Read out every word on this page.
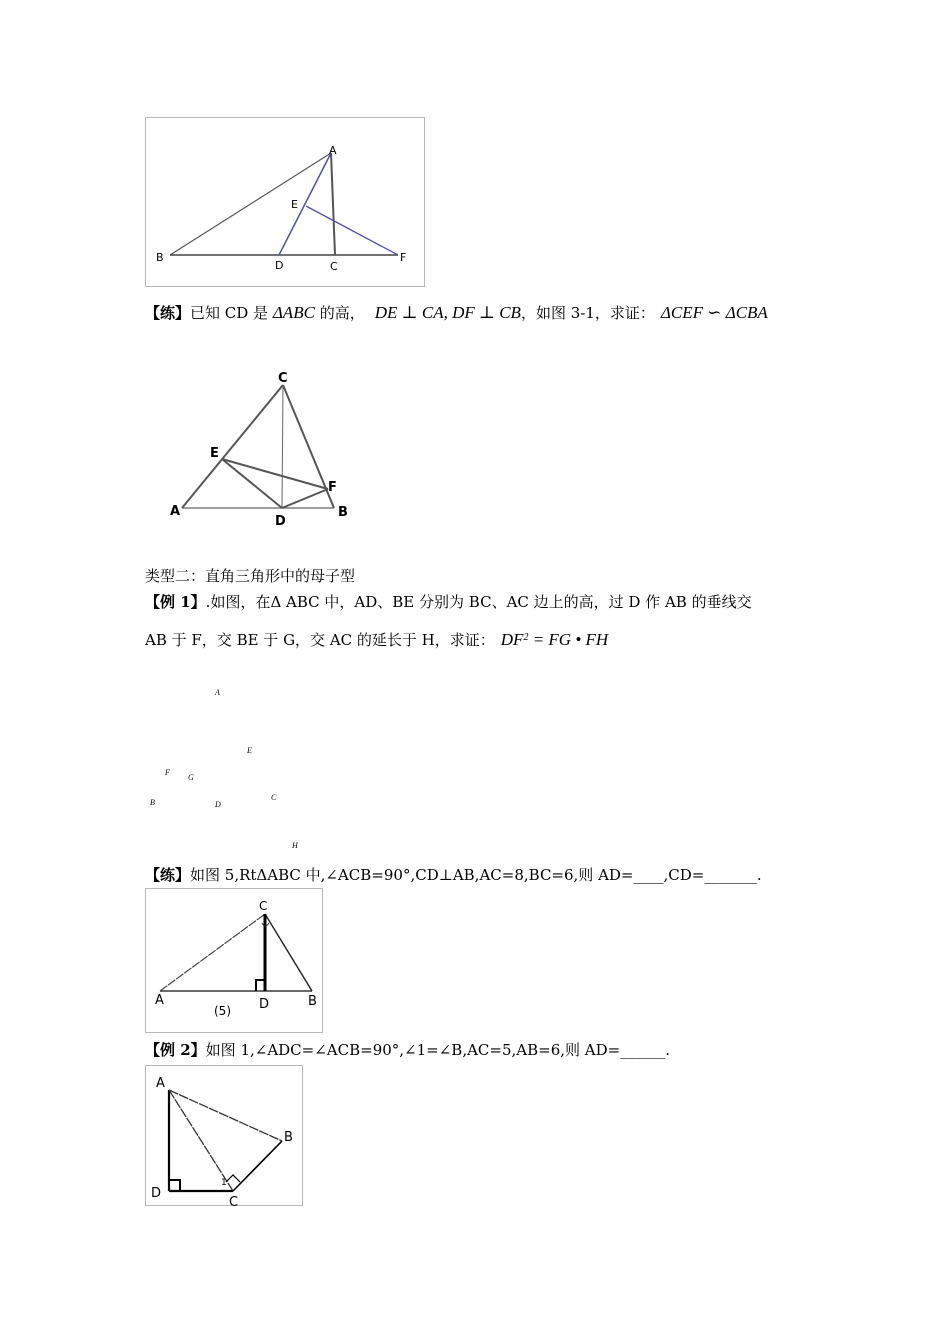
A
B
C
D
E
F
【练】已知 CD 是 ΔABC 的高， DE ⊥ CA, DF ⊥ CB，如图 3-1，求证： ΔCEF ∽ ΔCBA
C
E
F
A
D
B
类型二：直角三角形中的母子型
【例 1】.如图，在Δ ABC 中，AD、BE 分别为 BC、AC 边上的高，过 D 作 AB 的垂线交
AB 于 F，交 BE 于 G，交 AC 的延长于 H，求证： $DF^2$ = FG • FH
A
E
F
G
B	D
C
H
【练】如图 5,RtΔABC 中,∠ACB=90°,CD⊥AB,AC=8,BC=6,则 AD=____,CD=_______.
C
A	D	B
(5)
【例 2】如图 1,∠ADC=∠ACB=90°,∠1=∠B,AC=5,AB=6,则 AD=______.
1
A
B
D
C
